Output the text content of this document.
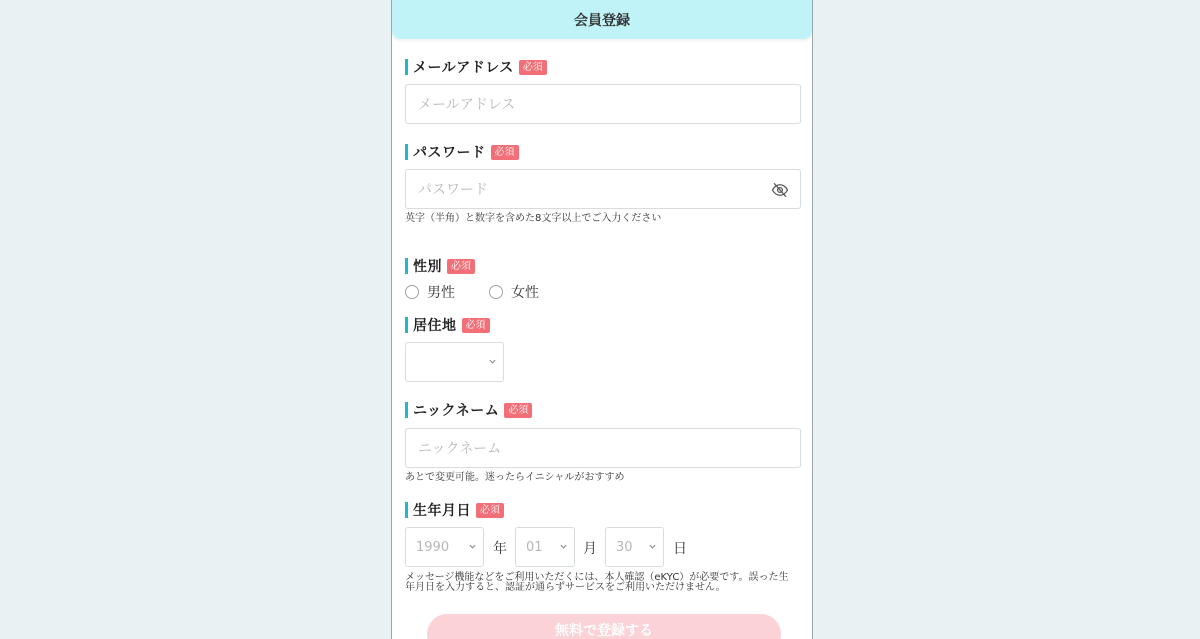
会員登録
メールアドレス 必須
メールアドレス
パスワード 必須
パスワード
英字（半角）と数字を含めた8文字以上でご入力ください
性別 必須
男性	女性
居住地 必須
ニックネーム 必須
ニックネーム
あとで変更可能。迷ったらイニシャルがおすすめ
生年月日 必須
1990	年 01	月 30	日
メッセージ機能などをご利用いただくには、本人確認（eKYC）が必要です。誤った生
年月日を入力すると、認証が通らずサービスをご利用いただけません。
無料で登録する
